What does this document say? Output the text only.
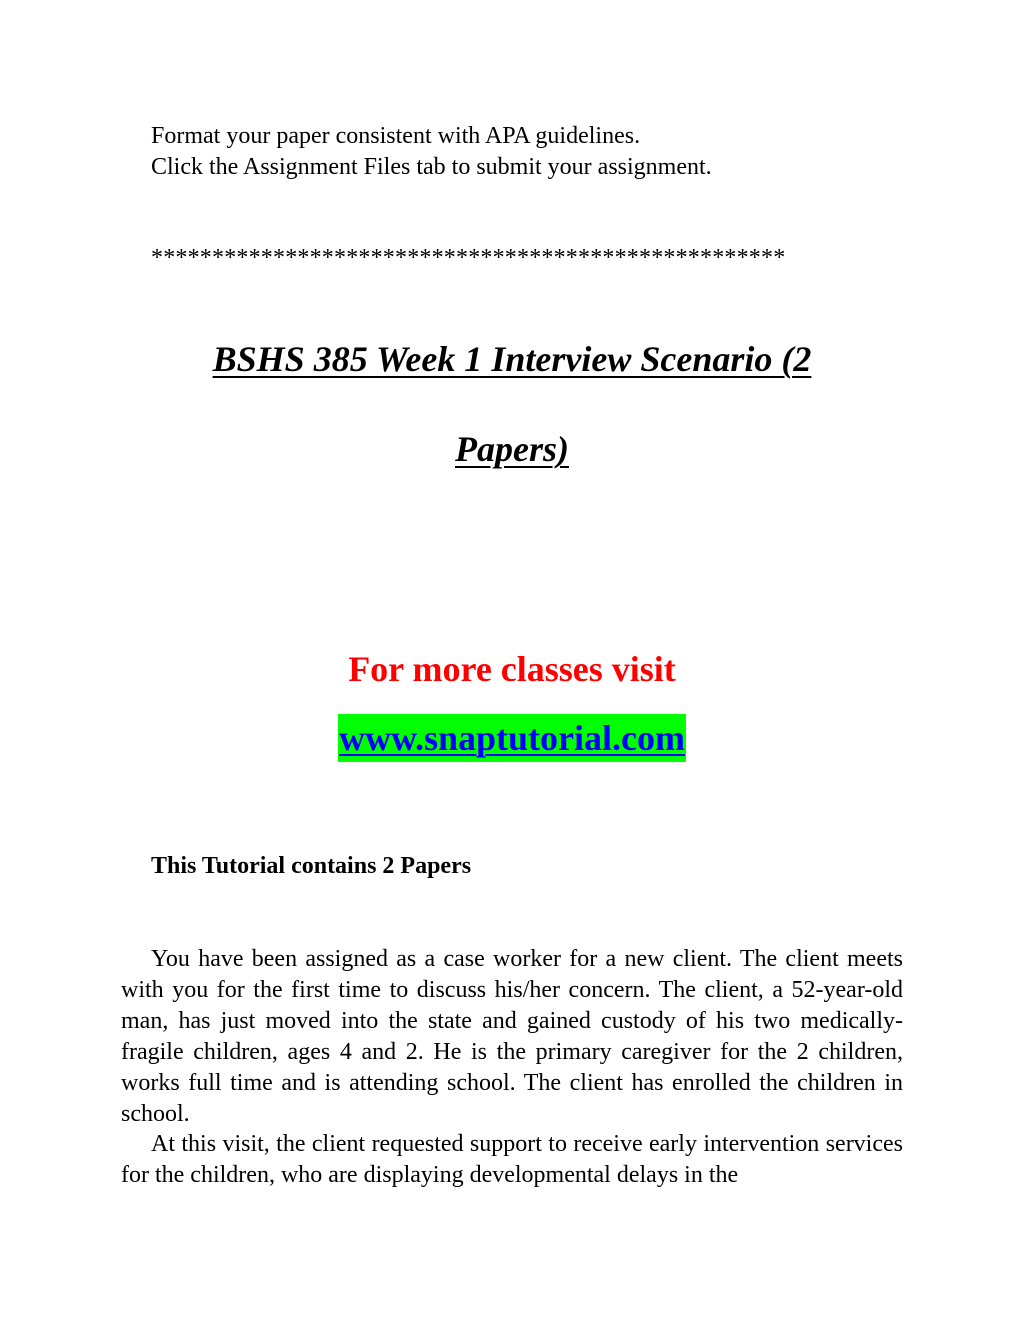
Format your paper consistent with APA guidelines.
Click the Assignment Files tab to submit your assignment.
****************************************************
BSHS 385 Week 1 Interview Scenario (2
Papers)
For more classes visit
www.snaptutorial.com
This Tutorial contains 2 Papers

You have been assigned as a case worker for a new client. The client meets with you for the first time to discuss his/her concern. The client, a 52-year-old man, has just moved into the state and gained custody of his two medically-fragile children, ages 4 and 2. He is the primary caregiver for the 2 children, works full time and is attending school. The client has enrolled the children in school.

At this visit, the client requested support to receive early intervention services for the children, who are displaying developmental delays in the
